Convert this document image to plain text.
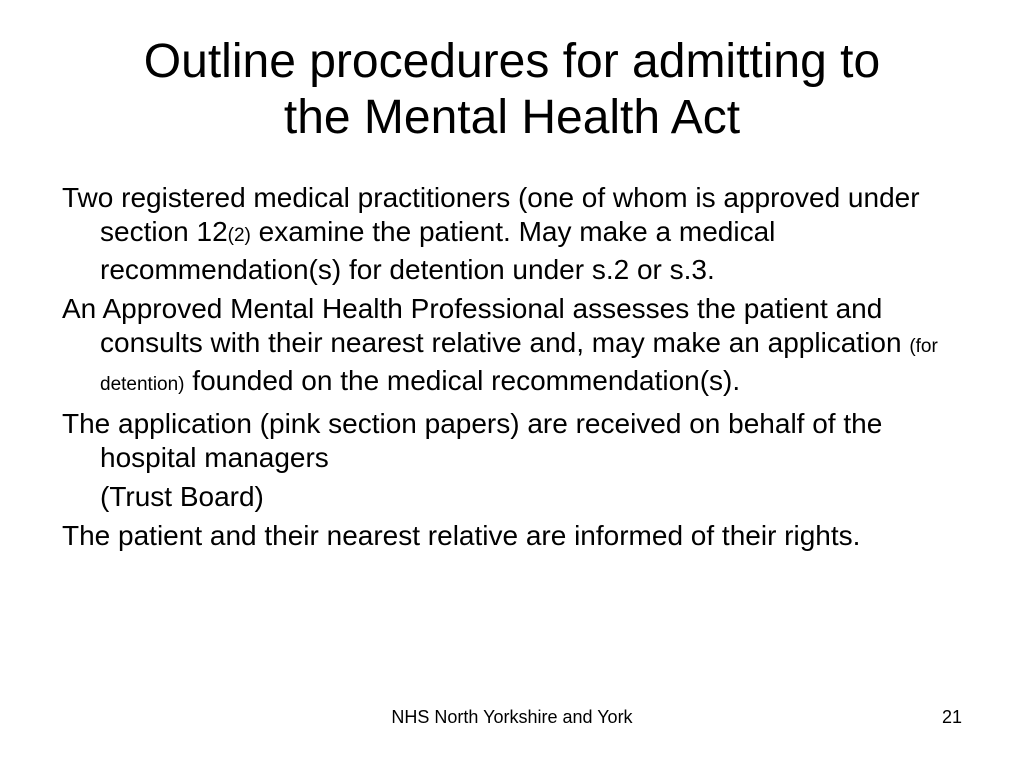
Outline procedures for admitting to
the Mental Health Act

Two registered medical practitioners (one of whom is approved under section 12(2) examine the patient. May make a medical recommendation(s) for detention under s.2 or s.3.

An Approved Mental Health Professional assesses the patient and consults with their nearest relative and, may make an application (for detention) founded on the medical recommendation(s).

The application (pink section papers) are received on behalf of the hospital managers

(Trust Board)

The patient and their nearest relative are informed of their rights.

NHS North Yorkshire and York	21
